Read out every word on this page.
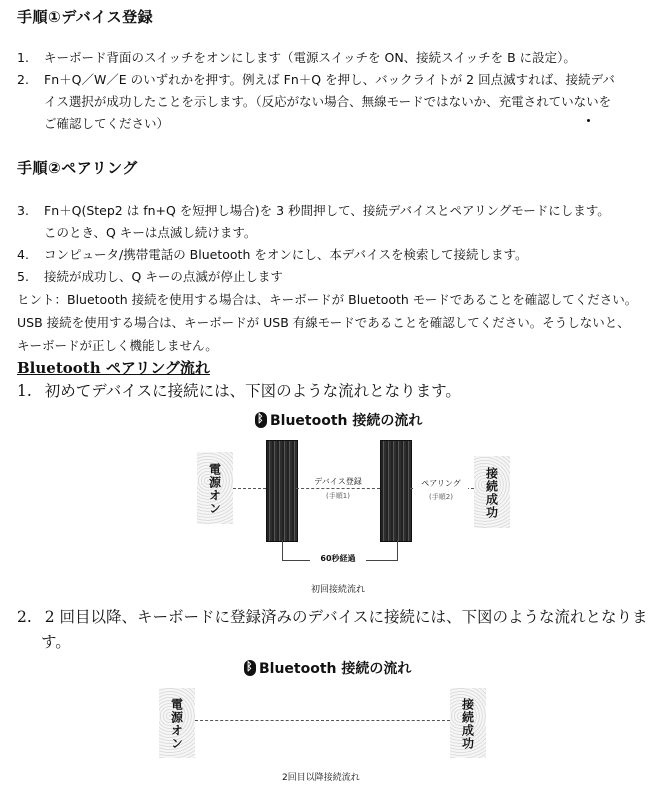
手順①デバイス登録
1.	キーボード背面のスイッチをオンにします（電源スイッチを ON、接続スイッチを B に設定）。
2.	Fn＋Q／W／E のいずれかを押す。例えば Fn＋Q を押し、バックライトが 2 回点滅すれば、接続デバ
イス選択が成功したことを示します。（反応がない場合、無線モードではないか、充電されていないを
ご確認してください）
手順②ペアリング
3.	Fn＋Q(Step2 は fn+Q を短押し場合)を 3 秒間押して、接続デバイスとペアリングモードにします。
このとき、Q キーは点滅し続けます。
4.	コンピュータ/携帯電話の Bluetooth をオンにし、本デバイスを検索して接続します。
5.	接続が成功し、Q キーの点滅が停止します
ヒント：Bluetooth 接続を使用する場合は、キーボードが Bluetooth モードであることを確認してください。
USB 接続を使用する場合は、キーボードが USB 有線モードであることを確認してください。そうしないと、
キーボードが正しく機能しません。
Bluetooth ペアリング流れ
1. 初めてデバイスに接続には、下図のような流れとなります。
ᛒBluetooth 接続の流れ
電源オン	デバイス登録
(手順1)
ペアリング
(手順2)	接続成功
60秒経過
初回接続流れ
2. 2 回目以降、キーボードに登録済みのデバイスに接続には、下図のような流れとなりま
す。
ᛒBluetooth 接続の流れ
電源オン	接続成功
2回目以降接続流れ
